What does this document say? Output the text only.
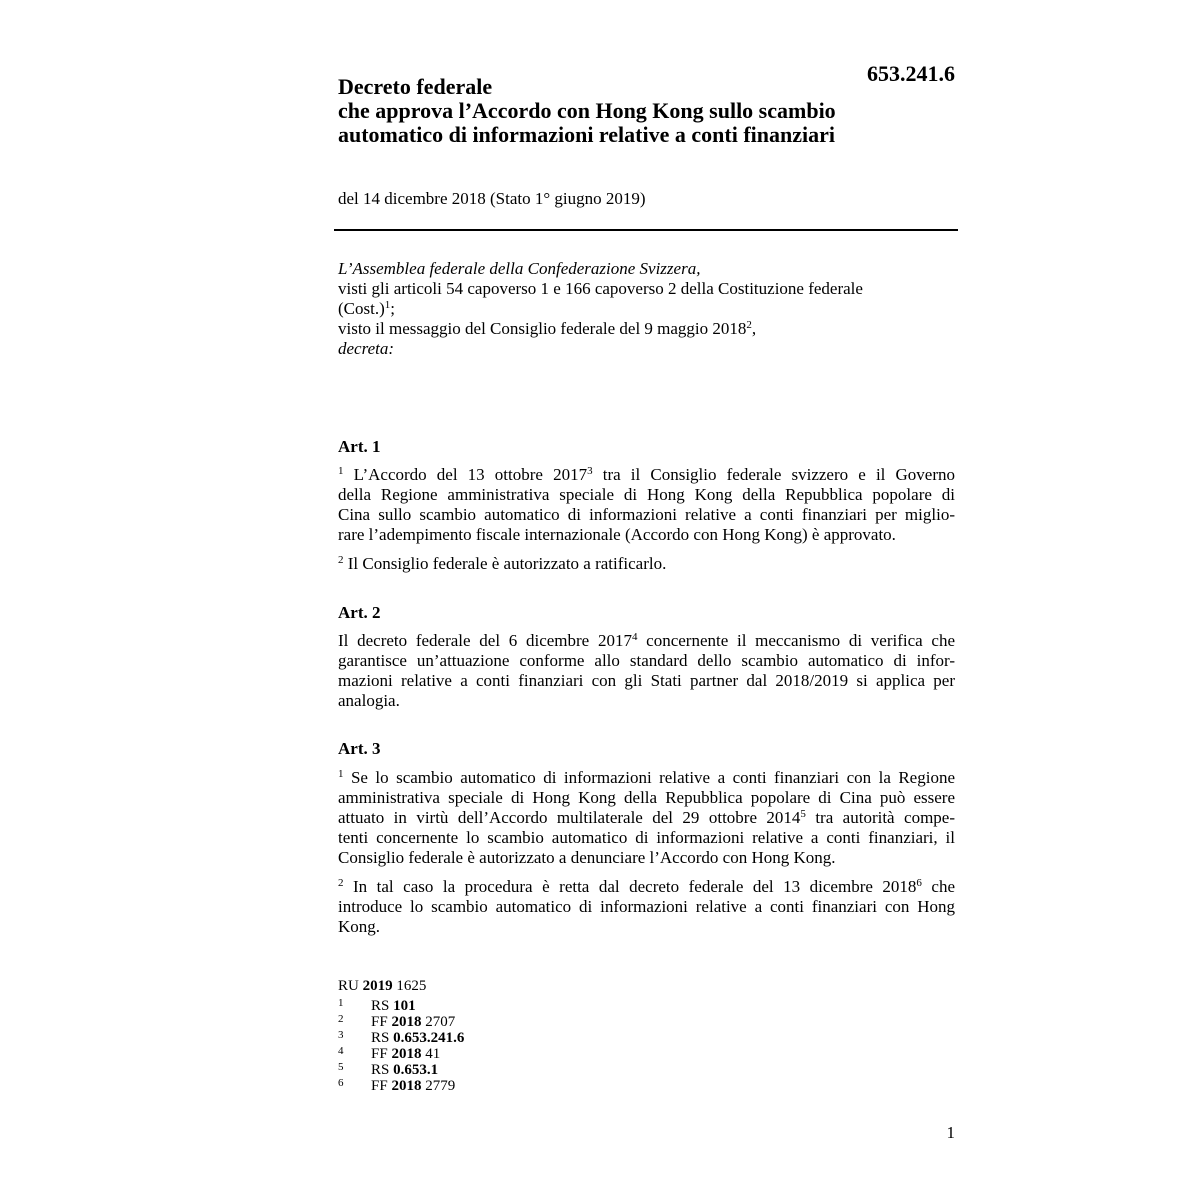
653.241.6
Decreto federale
che approva l’Accordo con Hong Kong sullo scambio
automatico di informazioni relative a conti finanziari
del 14 dicembre 2018 (Stato 1° giugno 2019)
L’Assemblea federale della Confederazione Svizzera,
visti gli articoli 54 capoverso 1 e 166 capoverso 2 della Costituzione federale
(Cost.)$^1$;
visto il messaggio del Consiglio federale del 9 maggio 2018$^2$,
decreta:
Art. 1
$^1$ L’Accordo del 13 ottobre 2017$^3$ tra il Consiglio federale svizzero e il Governo
della Regione amministrativa speciale di Hong Kong della Repubblica popolare di
Cina sullo scambio automatico di informazioni relative a conti finanziari per miglio-
rare l’adempimento fiscale internazionale (Accordo con Hong Kong) è approvato.
$^2$ Il Consiglio federale è autorizzato a ratificarlo.
Art. 2
Il decreto federale del 6 dicembre 2017$^4$ concernente il meccanismo di verifica che
garantisce un’attuazione conforme allo standard dello scambio automatico di infor-
mazioni relative a conti finanziari con gli Stati partner dal 2018/2019 si applica per
analogia.
Art. 3
$^1$ Se lo scambio automatico di informazioni relative a conti finanziari con la Regione
amministrativa speciale di Hong Kong della Repubblica popolare di Cina può essere
attuato in virtù dell’Accordo multilaterale del 29 ottobre 2014$^5$ tra autorità compe-
tenti concernente lo scambio automatico di informazioni relative a conti finanziari, il
Consiglio federale è autorizzato a denunciare l’Accordo con Hong Kong.
$^2$ In tal caso la procedura è retta dal decreto federale del 13 dicembre 2018$^6$ che
introduce lo scambio automatico di informazioni relative a conti finanziari con Hong
Kong.
RU 2019 1625
1 RS 101
2 FF 2018 2707
3 RS 0.653.241.6
4 FF 2018 41
5 RS 0.653.1
6 FF 2018 2779
1
